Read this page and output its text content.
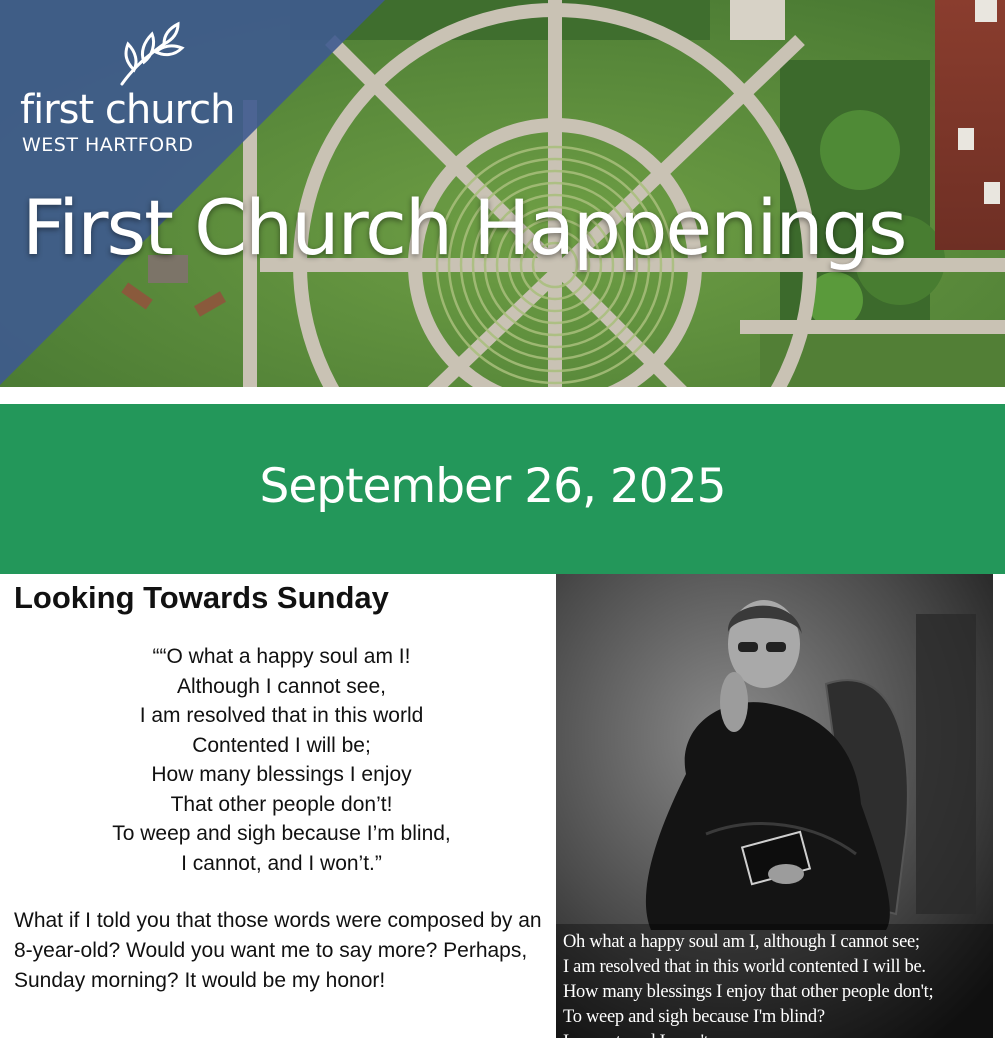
first church
WEST HARTFORD
First Church Happenings
September 26, 2025
Looking Towards Sunday
““O what a happy soul am I!
Although I cannot see,
I am resolved that in this world
Contented I will be;
How many blessings I enjoy
That other people don’t!
To weep and sigh because I’m blind,
I cannot, and I won’t.”

What if I told you that those words were composed by an 8-year-old? Would you want me to say more? Perhaps, Sunday morning? It would be my honor!

Oh what a happy soul am I, although I cannot see;
I am resolved that in this world contented I will be.
How many blessings I enjoy that other people don't;
To weep and sigh because I'm blind?
I cannot, and I won't.
